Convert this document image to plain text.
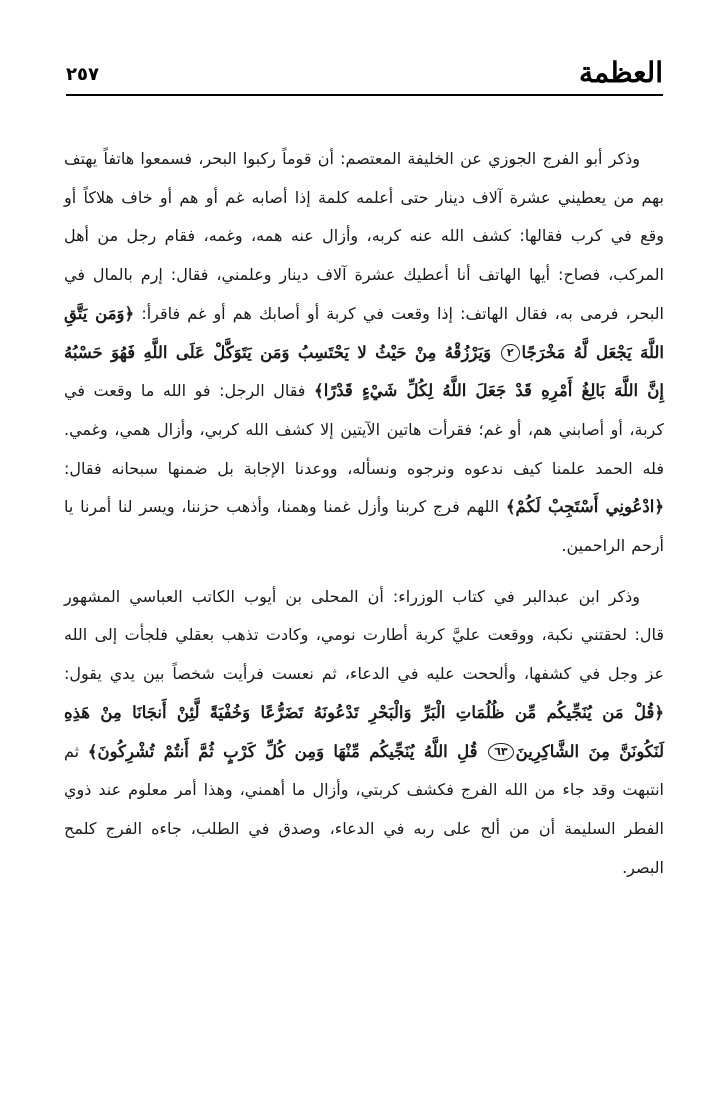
العظمة
٢٥٧

وذكر أبو الفرج الجوزي عن الخليفة المعتصم: أن قوماً ركبوا البحر، فسمعوا هاتفاً يهتف بهم من يعطيني عشرة آلاف دينار حتى أعلمه كلمة إذا أصابه غم أو هم أو خاف هلاكاً أو وقع في كرب فقالها: كشف الله عنه كربه، وأزال عنه همه، وغمه، فقام رجل من أهل المركب، فصاح: أيها الهاتف أنا أعطيك عشرة آلاف دينار وعلمني، فقال: إرم بالمال في البحر، فرمى به، فقال الهاتف: إذا وقعت في كربة أو أصابك هم أو غم فاقرأ: ﴿وَمَن يَتَّقِ اللَّهَ يَجْعَل لَّهُ مَخْرَجًا٢ وَيَرْزُقْهُ مِنْ حَيْثُ لا يَحْتَسِبُ وَمَن يَتَوَكَّلْ عَلَى اللَّهِ فَهُوَ حَسْبُهُ إِنَّ اللَّهَ بَالِغُ أَمْرِهِ قَدْ جَعَلَ اللَّهُ لِكُلِّ شَيْءٍ قَدْرًا﴾ فقال الرجل: فو الله ما وقعت في كربة، أو أصابني هم، أو غم؛ فقرأت هاتين الآيتين إلا كشف الله كربي، وأزال همي، وغمي. فله الحمد علمنا كيف ندعوه ونرجوه ونسأله، ووعدنا الإجابة بل ضمنها سبحانه فقال: ﴿ادْعُونِي أَسْتَجِبْ لَكُمْ﴾ اللهم فرج كربنا وأزل غمنا وهمنا، وأذهب حزننا، ويسر لنا أمرنا يا أرحم الراحمين.

وذكر ابن عبدالبر في كتاب الوزراء: أن المحلى بن أيوب الكاتب العباسي المشهور قال: لحقتني نكبة، ووقعت عليَّ كربة أطارت نومي، وكادت تذهب بعقلي فلجأت إلى الله عز وجل في كشفها، وألححت عليه في الدعاء، ثم نعست فرأيت شخصاً بين يدي يقول: ﴿قُلْ مَن يُنَجِّيكُم مِّن ظُلُمَاتِ الْبَرِّ وَالْبَحْرِ تَدْعُونَهُ تَضَرُّعًا وَخُفْيَةً لَّئِنْ أَنجَانَا مِنْ هَذِهِ لَنَكُونَنَّ مِنَ الشَّاكِرِينَ٦٣ قُلِ اللَّهُ يُنَجِّيكُم مِّنْهَا وَمِن كُلِّ كَرْبٍ ثُمَّ أَنتُمْ تُشْرِكُونَ﴾ ثم انتبهت وقد جاء من الله الفرج فكشف كربتي، وأزال ما أهمني، وهذا أمر معلوم عند ذوي الفطر السليمة أن من ألح على ربه في الدعاء، وصدق في الطلب، جاءه الفرج كلمح البصر.
